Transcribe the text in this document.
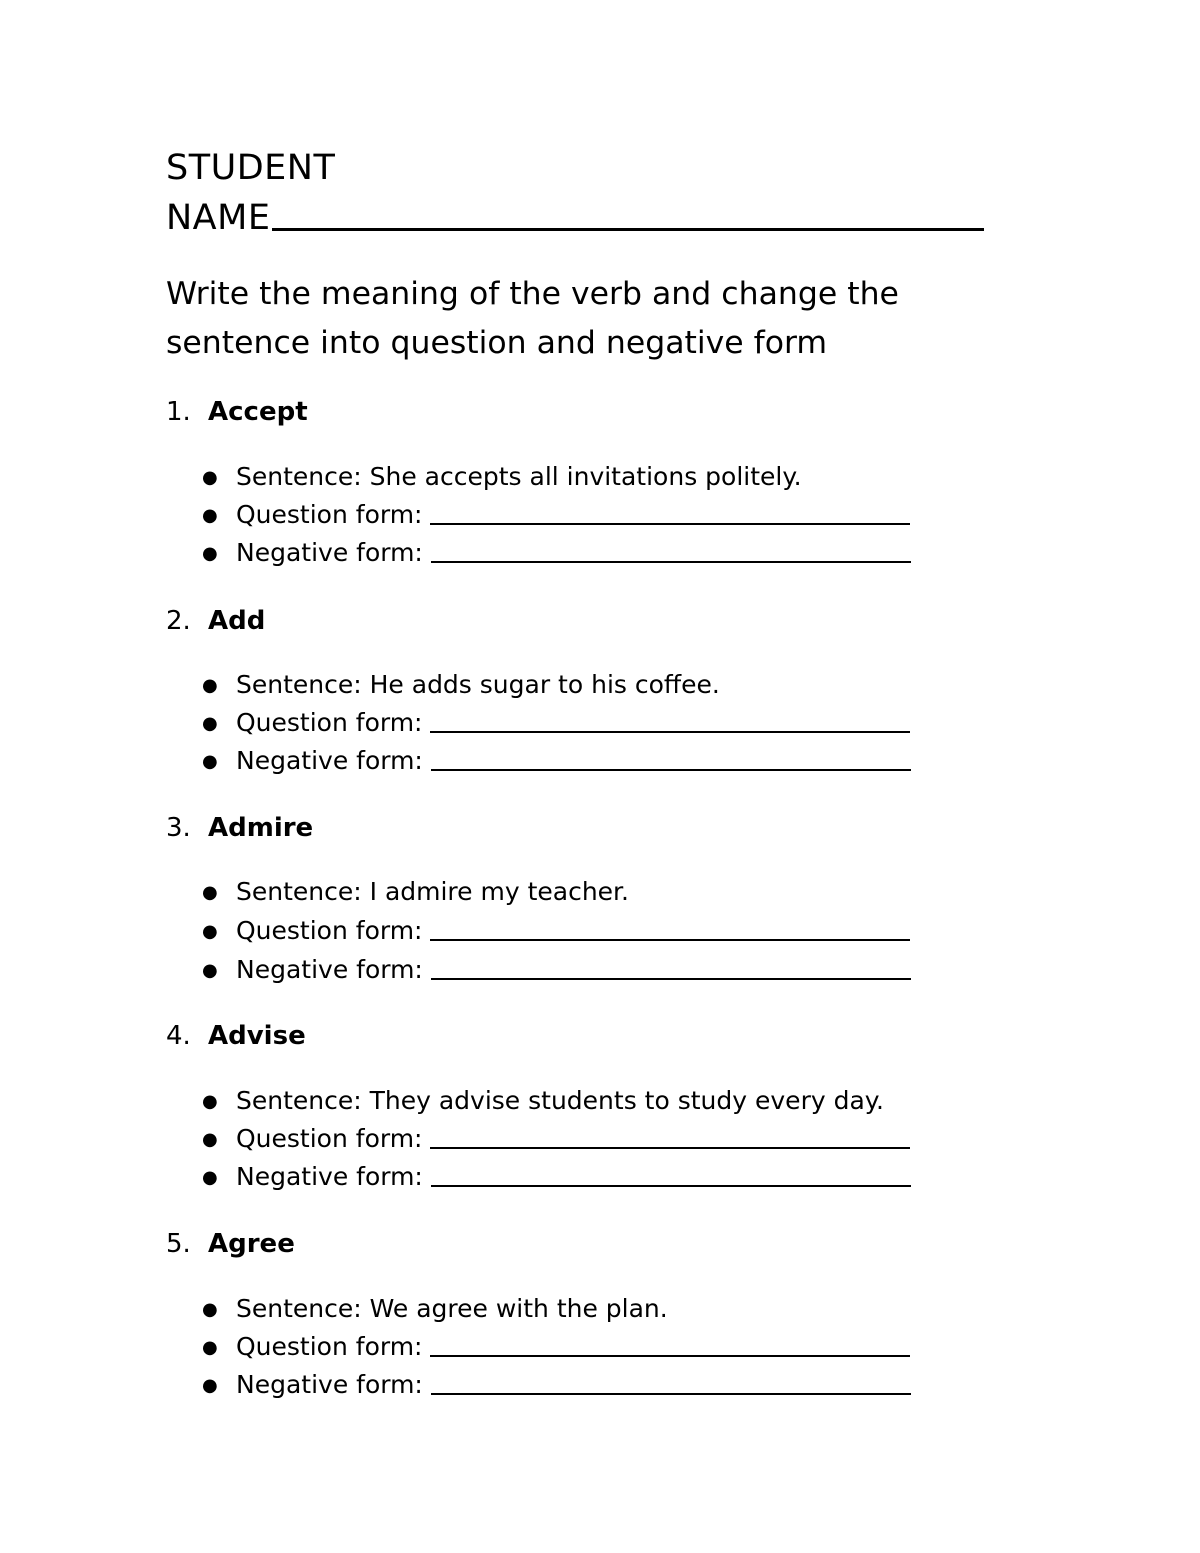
STUDENT
NAME
Write the meaning of the verb and change the
sentence into question and negative form
1. Accept
● Sentence: She accepts all invitations politely.
● Question form:
● Negative form:
2. Add
● Sentence: He adds sugar to his coffee.
● Question form:
● Negative form:
3. Admire
● Sentence: I admire my teacher.
● Question form:
● Negative form:
4. Advise
● Sentence: They advise students to study every day.
● Question form:
● Negative form:
5. Agree
● Sentence: We agree with the plan.
● Question form:
● Negative form:
